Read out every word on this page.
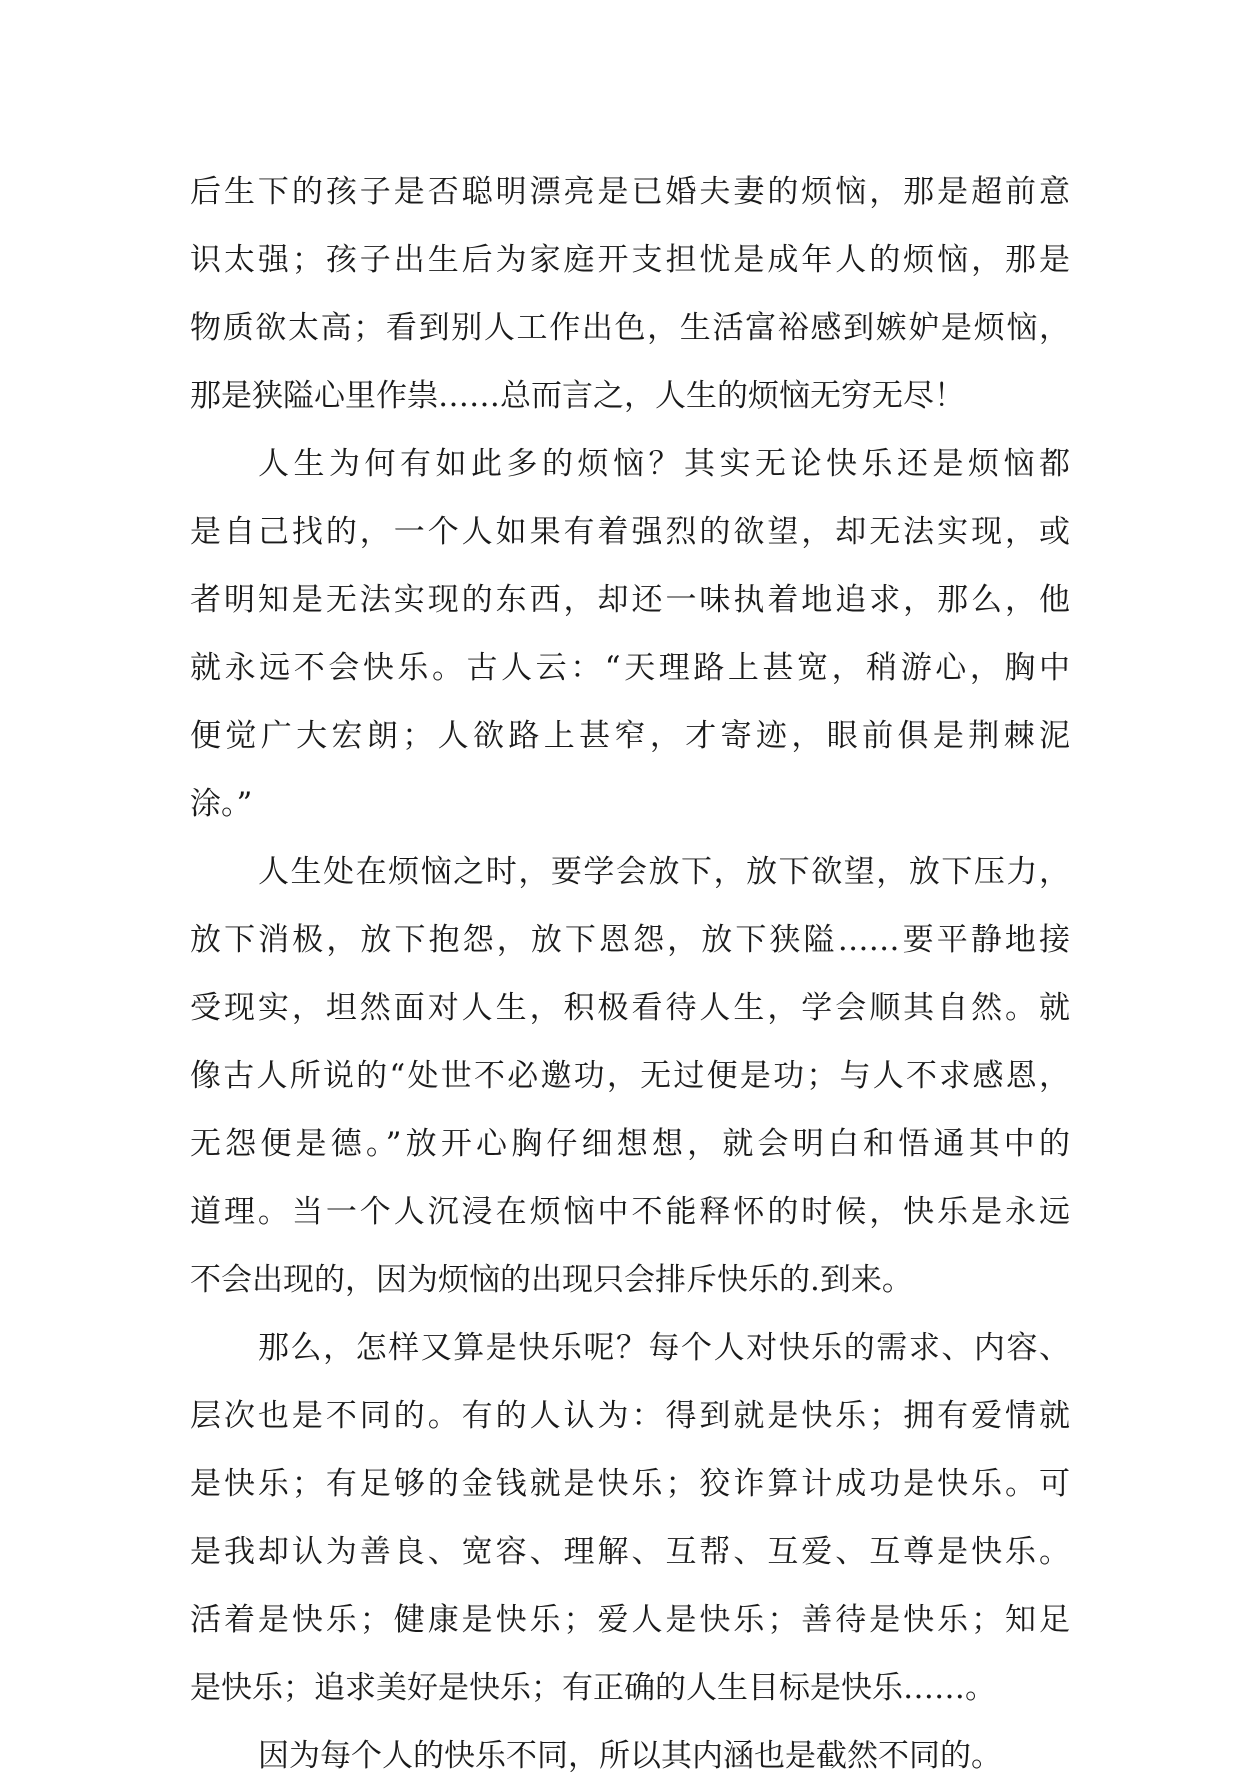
后生下的孩子是否聪明漂亮是已婚夫妻的烦恼，那是超前意
识太强；孩子出生后为家庭开支担忧是成年人的烦恼，那是
物质欲太高；看到别人工作出色，生活富裕感到嫉妒是烦恼，
那是狭隘心里作祟……总而言之，人生的烦恼无穷无尽！
人生为何有如此多的烦恼？其实无论快乐还是烦恼都
是自己找的，一个人如果有着强烈的欲望，却无法实现，或
者明知是无法实现的东西，却还一味执着地追求，那么，他
就永远不会快乐。古人云：“天理路上甚宽，稍游心，胸中
便觉广大宏朗；人欲路上甚窄，才寄迹，眼前俱是荆棘泥
涂。”
人生处在烦恼之时，要学会放下，放下欲望，放下压力，
放下消极，放下抱怨，放下恩怨，放下狭隘……要平静地接
受现实，坦然面对人生，积极看待人生，学会顺其自然。就
像古人所说的“处世不必邀功，无过便是功；与人不求感恩，
无怨便是德。”放开心胸仔细想想，就会明白和悟通其中的
道理。当一个人沉浸在烦恼中不能释怀的时候，快乐是永远
不会出现的，因为烦恼的出现只会排斥快乐的.到来。
那么，怎样又算是快乐呢？每个人对快乐的需求、内容、
层次也是不同的。有的人认为：得到就是快乐；拥有爱情就
是快乐；有足够的金钱就是快乐；狡诈算计成功是快乐。可
是我却认为善良、宽容、理解、互帮、互爱、互尊是快乐。
活着是快乐；健康是快乐；爱人是快乐；善待是快乐；知足
是快乐；追求美好是快乐；有正确的人生目标是快乐……。
因为每个人的快乐不同，所以其内涵也是截然不同的。
